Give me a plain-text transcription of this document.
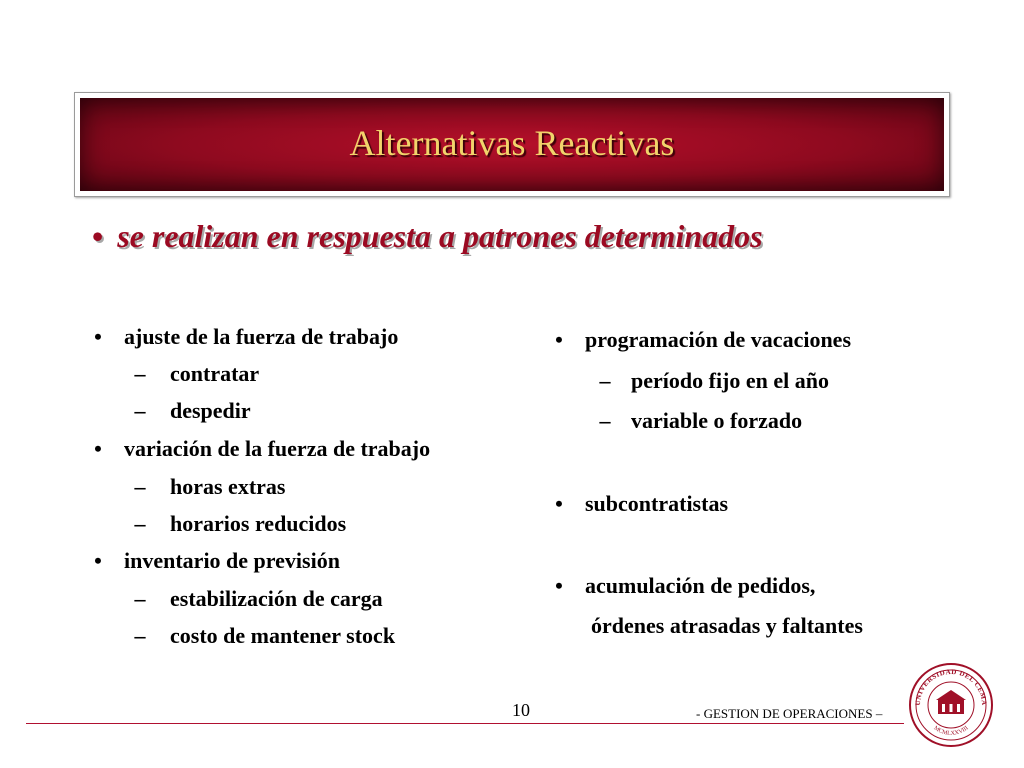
Alternativas Reactivas
• se realizan en respuesta a patrones determinados
• ajuste de la fuerza de trabajo
– contratar
– despedir
• variación de la fuerza de trabajo
– horas extras
– horarios reducidos
• inventario de previsión
– estabilización de carga
– costo de mantener stock
• programación de vacaciones
– período fijo en el año
– variable o forzado
• subcontratistas
• acumulación de pedidos,
órdenes atrasadas y faltantes
10	- GESTION DE OPERACIONES –
UNIVERSIDAD DEL CEMA
MCMLXXVIII
